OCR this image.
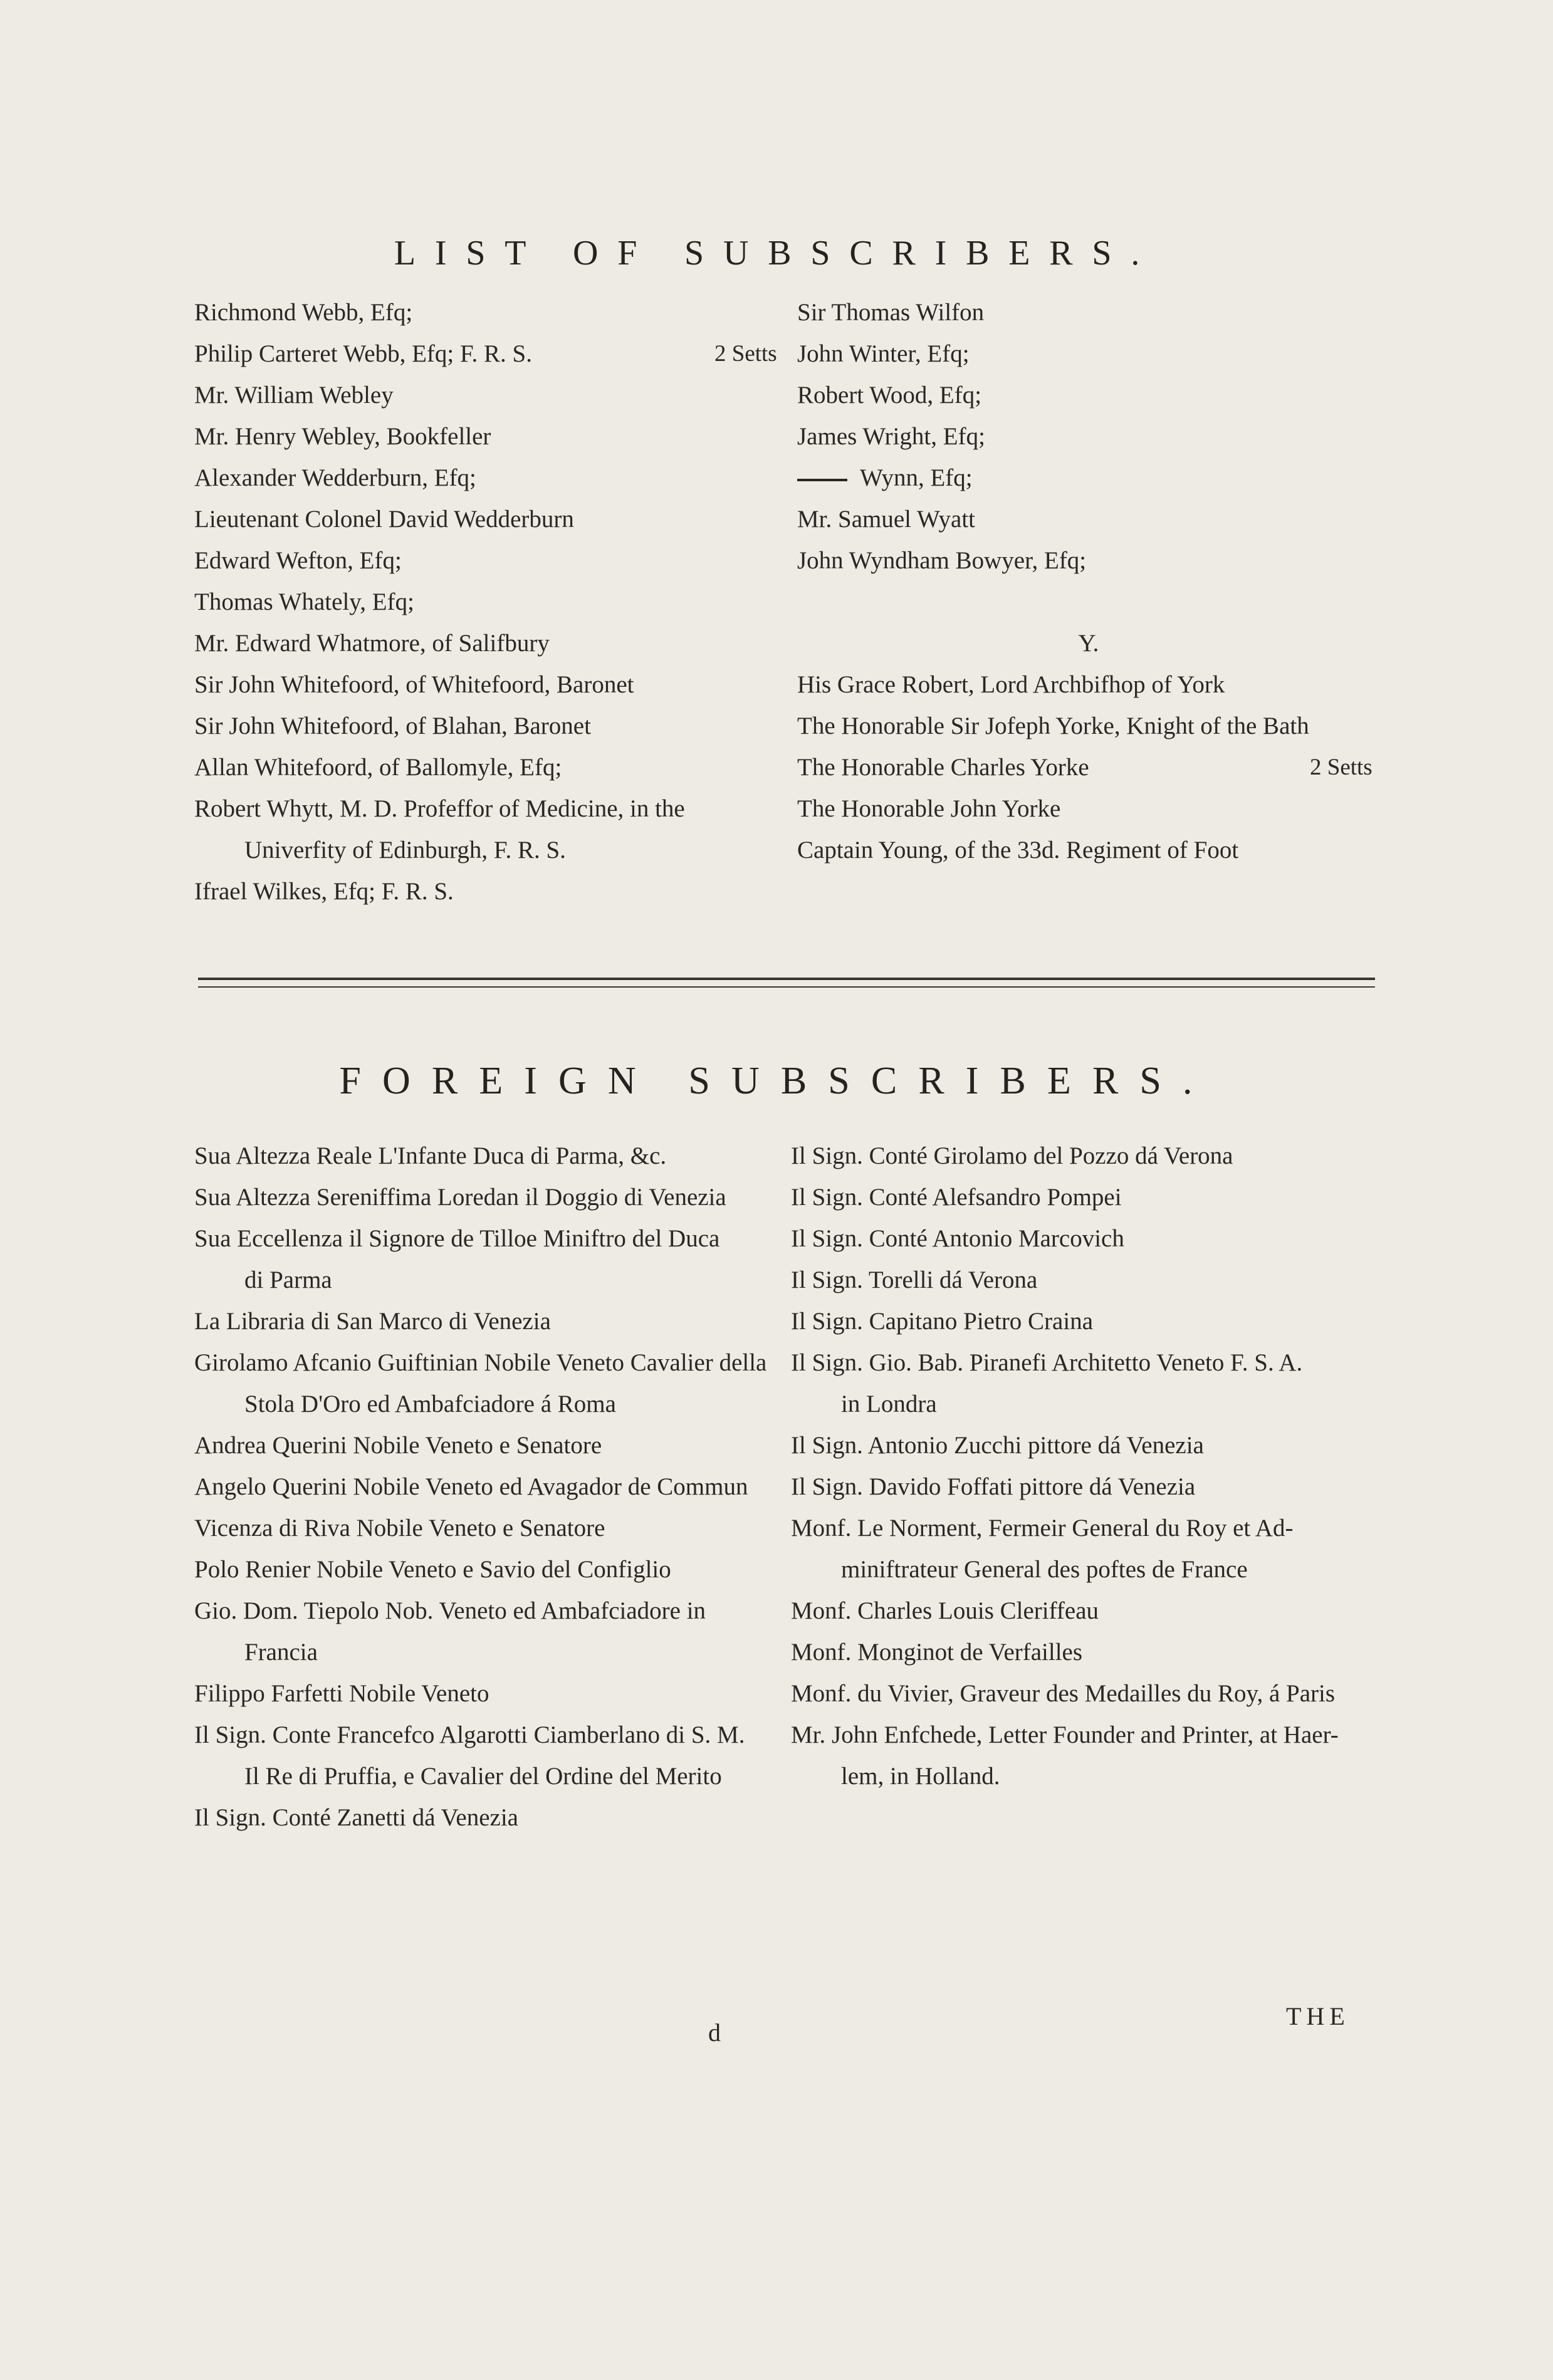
LIST OF SUBSCRIBERS.
Richmond Webb, Efq;
Philip Carteret Webb, Efq; F. R. S.	2 Setts
Mr. William Webley
Mr. Henry Webley, Bookfeller
Alexander Wedderburn, Efq;
Lieutenant Colonel David Wedderburn
Edward Wefton, Efq;
Thomas Whately, Efq;
Mr. Edward Whatmore, of Salifbury
Sir John Whitefoord, of Whitefoord, Baronet
Sir John Whitefoord, of Blahan, Baronet
Allan Whitefoord, of Ballomyle, Efq;
Robert Whytt, M. D. Profeffor of Medicine, in the
Univerfity of Edinburgh, F. R. S.
Ifrael Wilkes, Efq; F. R. S.
Sir Thomas Wilfon
John Winter, Efq;
Robert Wood, Efq;
James Wright, Efq;
Wynn, Efq;
Mr. Samuel Wyatt
John Wyndham Bowyer, Efq;
Y.
His Grace Robert, Lord Archbifhop of York
The Honorable Sir Jofeph Yorke, Knight of the Bath
The Honorable Charles Yorke	2 Setts
The Honorable John Yorke
Captain Young, of the 33d. Regiment of Foot
FOREIGN SUBSCRIBERS.
Sua Altezza Reale L'Infante Duca di Parma, &c.
Sua Altezza Sereniffima Loredan il Doggio di Venezia
Sua Eccellenza il Signore de Tilloe Miniftro del Duca
di Parma
La Libraria di San Marco di Venezia
Girolamo Afcanio Guiftinian Nobile Veneto Cavalier della
Stola D'Oro ed Ambafciadore á Roma
Andrea Querini Nobile Veneto e Senatore
Angelo Querini Nobile Veneto ed Avagador de Commun
Vicenza di Riva Nobile Veneto e Senatore
Polo Renier Nobile Veneto e Savio del Configlio
Gio. Dom. Tiepolo Nob. Veneto ed Ambafciadore in
Francia
Filippo Farfetti Nobile Veneto
Il Sign. Conte Francefco Algarotti Ciamberlano di S. M.
Il Re di Pruffia, e Cavalier del Ordine del Merito
Il Sign. Conté Zanetti dá Venezia
Il Sign. Conté Girolamo del Pozzo dá Verona
Il Sign. Conté Alefsandro Pompei
Il Sign. Conté Antonio Marcovich
Il Sign. Torelli dá Verona
Il Sign. Capitano Pietro Craina
Il Sign. Gio. Bab. Piranefi Architetto Veneto F. S. A.
in Londra
Il Sign. Antonio Zucchi pittore dá Venezia
Il Sign. Davido Foffati pittore dá Venezia
Monf. Le Norment, Fermeir General du Roy et Ad-
miniftrateur General des poftes de France
Monf. Charles Louis Cleriffeau
Monf. Monginot de Verfailles
Monf. du Vivier, Graveur des Medailles du Roy, á Paris
Mr. John Enfchede, Letter Founder and Printer, at Haer-
lem, in Holland.
d
THE
